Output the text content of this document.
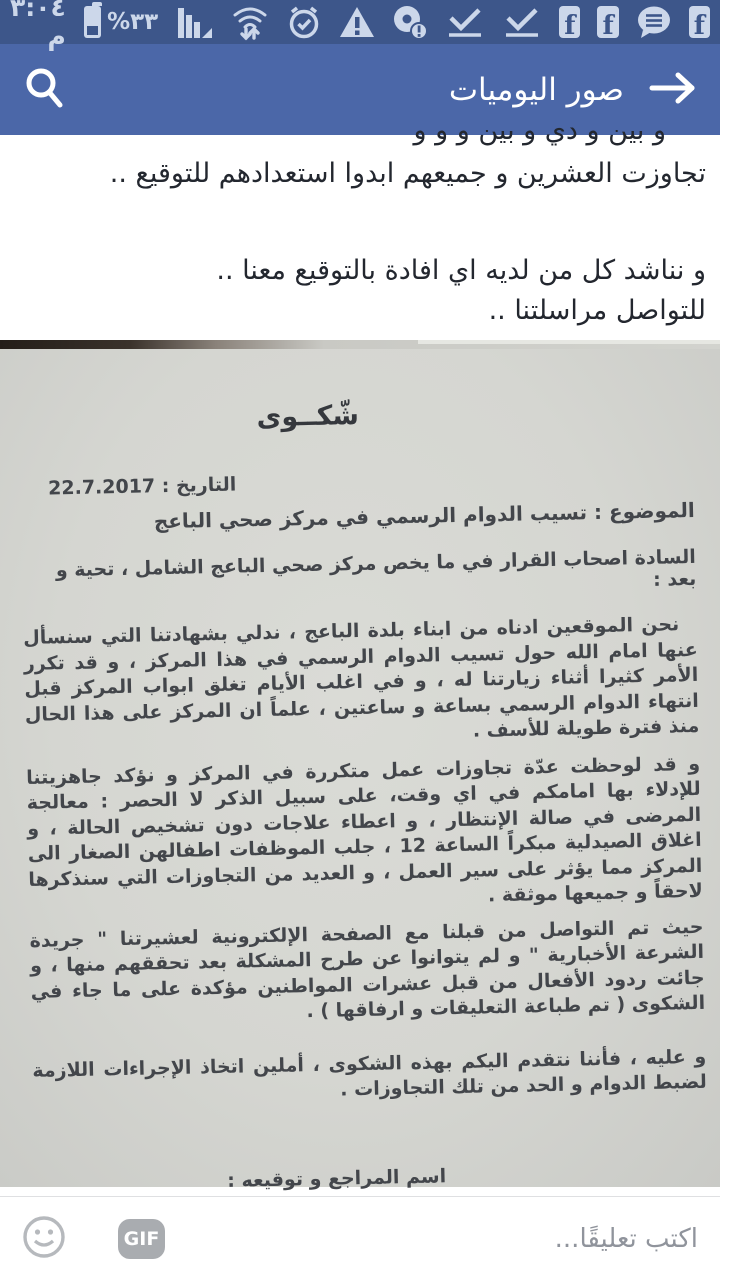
٣:٠٤ م ٣٣%	f f	f
صور اليوميات
و بين و دي و بين و و و
تجاوزت العشرين و جميعهم ابدوا استعدادهم للتوقيع ..
و نناشد كل من لديه اي افادة بالتوقيع معنا ..
للتواصل مراسلتنا ..
شّكــوى
التاريخ : 22.7.2017
الموضوع : تسيب الدوام الرسمي في مركز صحي الباعج
السادة اصحاب القرار في ما يخص مركز صحي الباعج الشامل ، تحية و بعد :

نحن الموقعين ادناه من ابناء بلدة الباعج ، ندلي بشهادتنا التي سنسأل عنها امام الله حول تسيب الدوام الرسمي في هذا المركز ، و قد تكرر الأمر كثيرا أثناء زيارتنا له ، و في اغلب الأيام تغلق ابواب المركز قبل انتهاء الدوام الرسمي بساعة و ساعتين ، علماً ان المركز على هذا الحال منذ فترة طويلة للأسف .

و قد لوحظت عدّة تجاوزات عمل متكررة في المركز و نؤكد جاهزيتنا للإدلاء بها امامكم في اي وقت، على سبيل الذكر لا الحصر : معالجة المرضى في صالة الإنتظار ، و اعطاء علاجات دون تشخيص الحالة ، و اغلاق الصيدلية مبكراً الساعة 12 ، جلب الموظفات اطفالهن الصغار الى المركز مما يؤثر على سير العمل ، و العديد من التجاوزات التي سنذكرها لاحقاً و جميعها موثقة .

حيث تم التواصل من قبلنا مع الصفحة الإلكترونية لعشيرتنا " جريدة الشرعة الأخبارية " و لم يتوانوا عن طرح المشكلة بعد تحققهم منها ، و جائت ردود الأفعال من قبل عشرات المواطنين مؤكدة على ما جاء في الشكوى ( تم طباعة التعليقات و ارفاقها ) .

و عليه ، فأننا نتقدم اليكم بهذه الشكوى ، أملين اتخاذ الإجراءات اللازمة لضبط الدوام و الحد من تلك التجاوزات .

اسم المراجع و توقيعه :
GIF	اكتب تعليقًا...
